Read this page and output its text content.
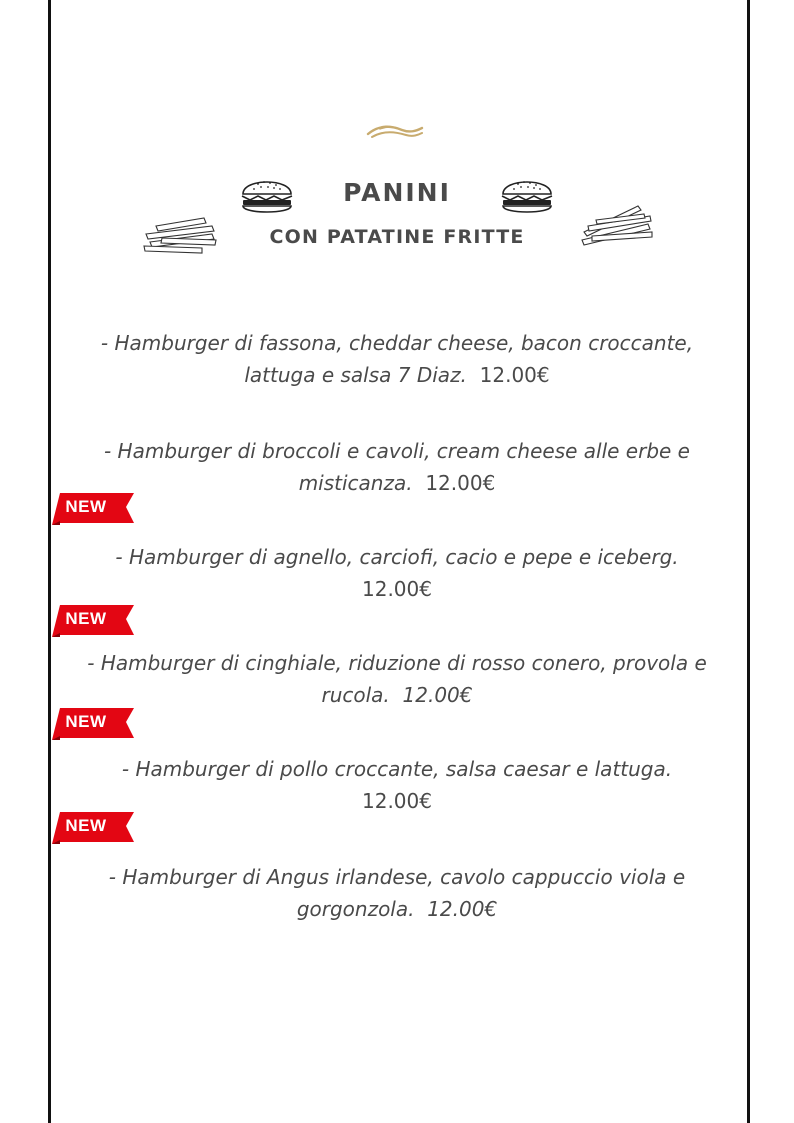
PANINI
CON PATATINE FRITTE
- Hamburger di fassona, cheddar cheese, bacon croccante, lattuga e salsa 7 Diaz. 12.00€
- Hamburger di broccoli e cavoli, cream cheese alle erbe e misticanza. 12.00€
NEW
- Hamburger di agnello, carciofi, cacio e pepe e iceberg.
12.00€
NEW
- Hamburger di cinghiale, riduzione di rosso conero, provola e rucola. 12.00€
NEW
- Hamburger di pollo croccante, salsa caesar e lattuga.
12.00€
NEW
- Hamburger di Angus irlandese, cavolo cappuccio viola e gorgonzola. 12.00€
